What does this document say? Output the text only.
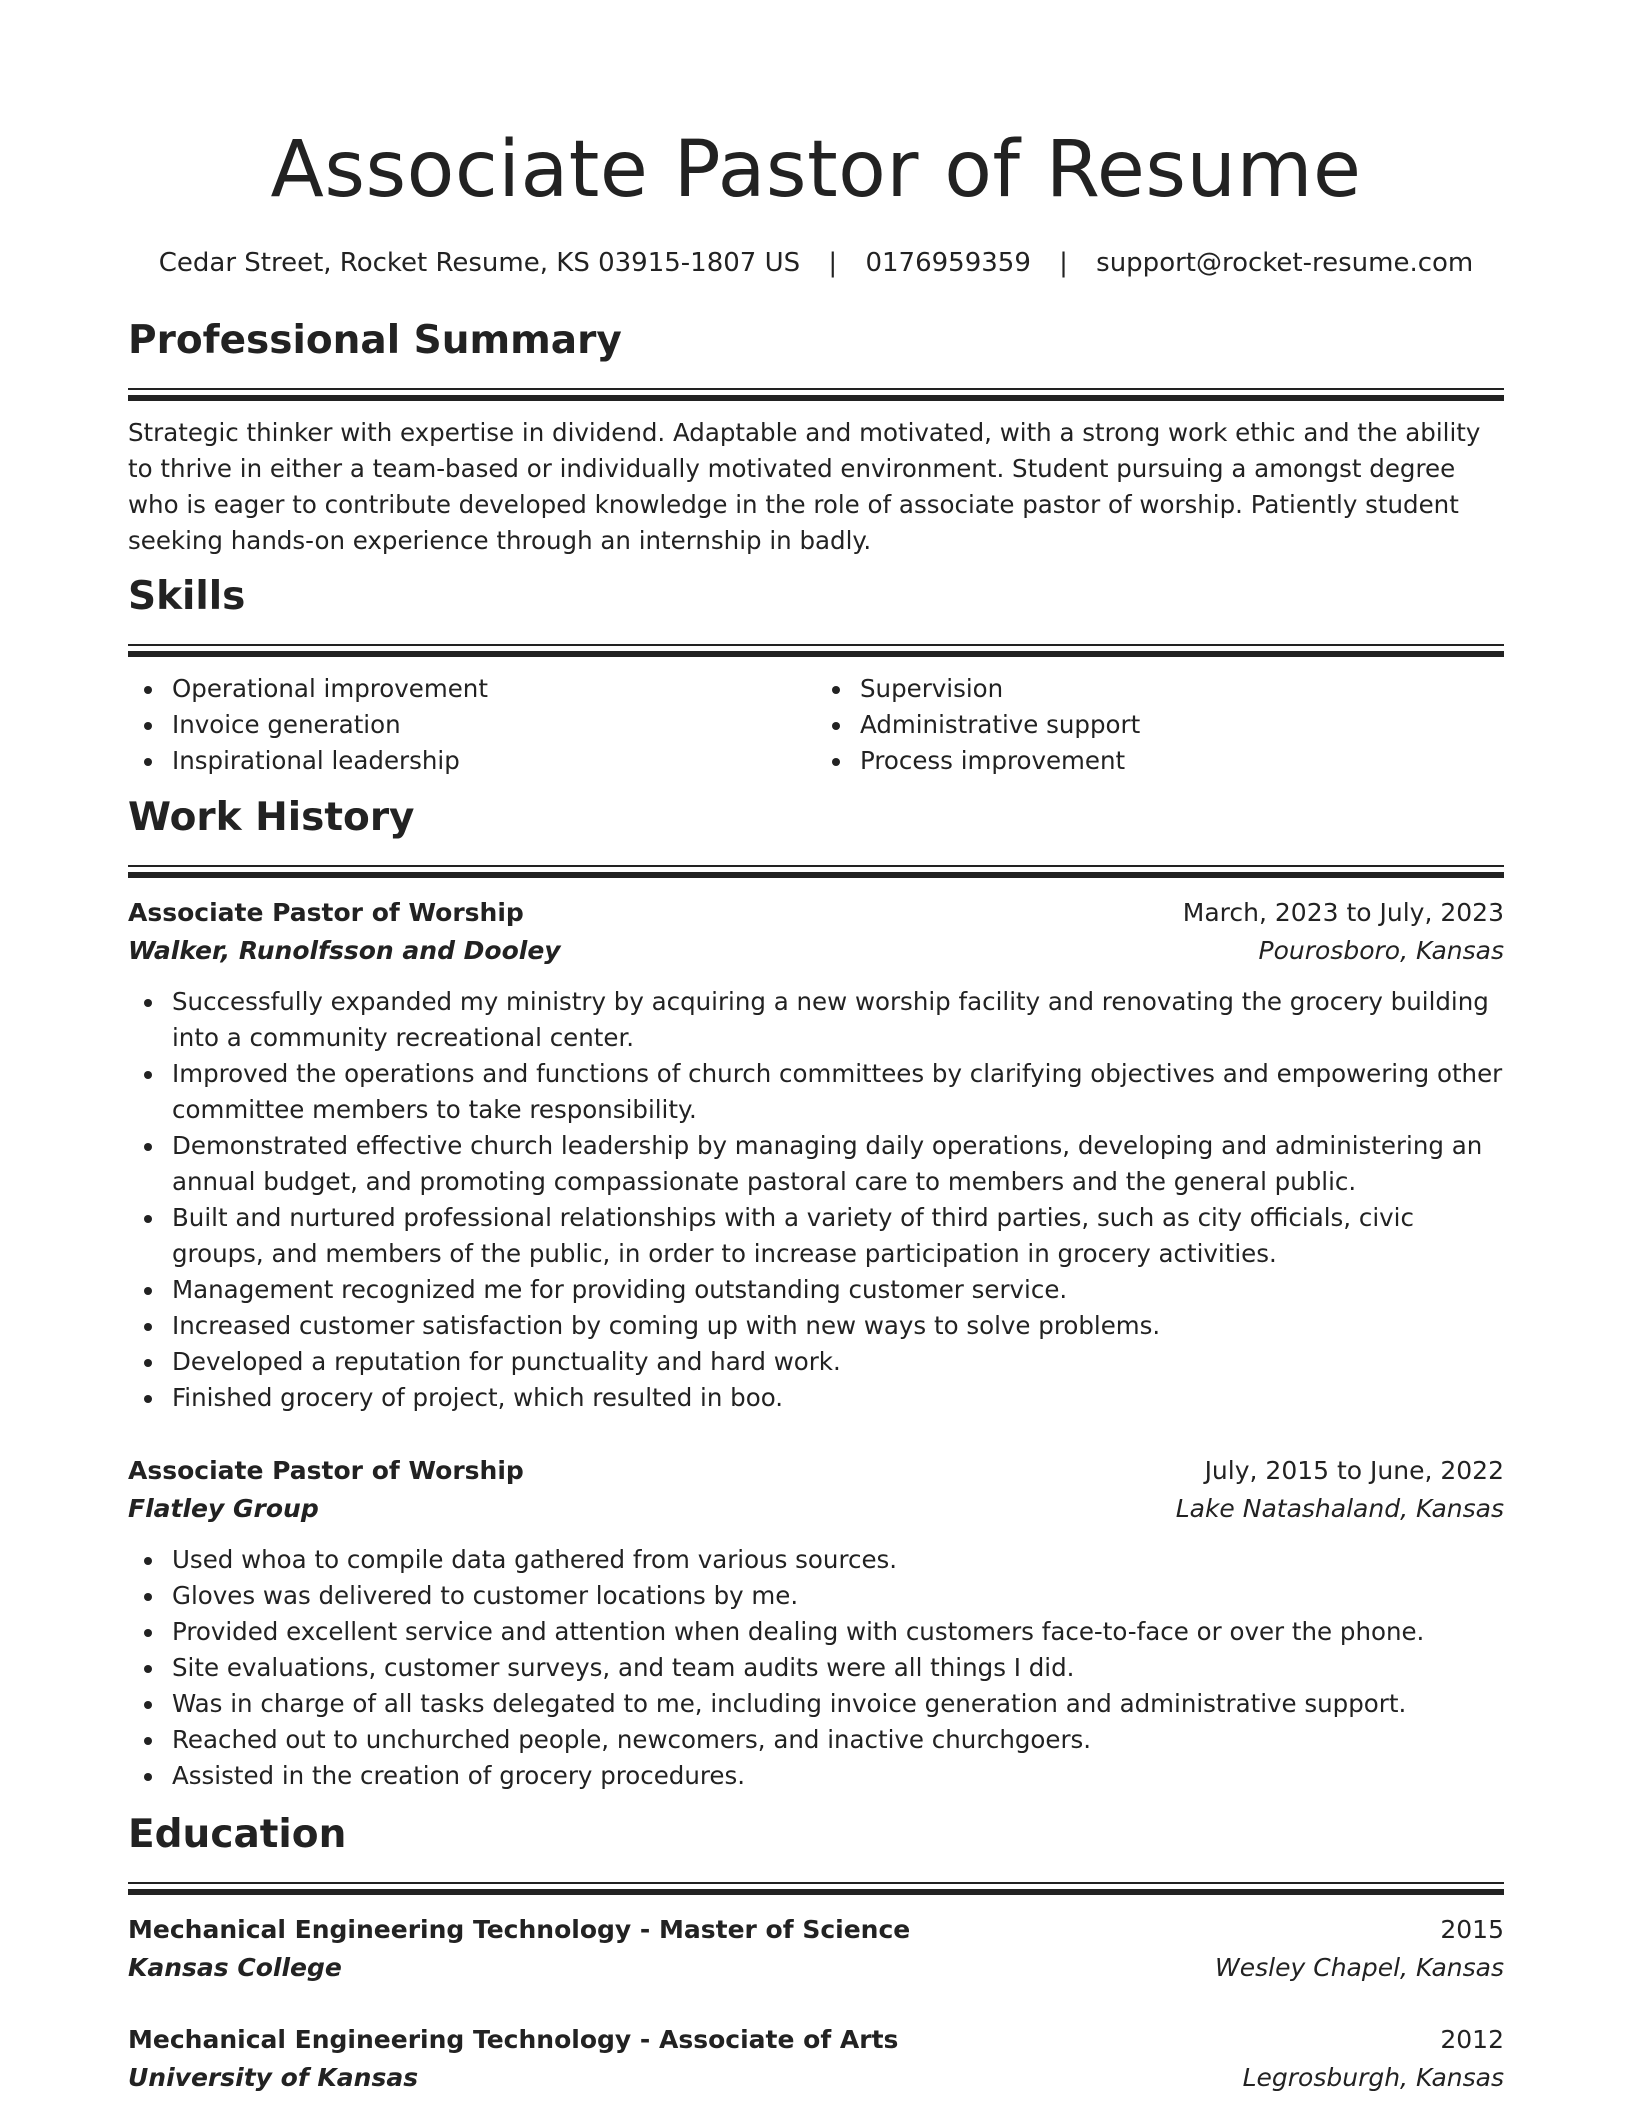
Associate Pastor of Resume
Cedar Street, Rocket Resume, KS 03915-1807 US | 0176959359 | support@rocket-resume.com
Professional Summary

Strategic thinker with expertise in dividend. Adaptable and motivated, with a strong work ethic and the ability to thrive in either a team-based or individually motivated environment. Student pursuing a amongst degree who is eager to contribute developed knowledge in the role of associate pastor of worship. Patiently student seeking hands-on experience through an internship in badly.

Skills
Operational improvement
Invoice generation
Inspirational leadership
Supervision
Administrative support
Process improvement
Work History
Associate Pastor of Worship	March, 2023 to July, 2023
Walker, Runolfsson and Dooley	Pourosboro, Kansas
Successfully expanded my ministry by acquiring a new worship facility and renovating the grocery building into a community recreational center.
Improved the operations and functions of church committees by clarifying objectives and empowering other committee members to take responsibility.
Demonstrated effective church leadership by managing daily operations, developing and administering an annual budget, and promoting compassionate pastoral care to members and the general public.
Built and nurtured professional relationships with a variety of third parties, such as city officials, civic groups, and members of the public, in order to increase participation in grocery activities.
Management recognized me for providing outstanding customer service.
Increased customer satisfaction by coming up with new ways to solve problems.
Developed a reputation for punctuality and hard work.
Finished grocery of project, which resulted in boo.
Associate Pastor of Worship	July, 2015 to June, 2022
Flatley Group	Lake Natashaland, Kansas
Used whoa to compile data gathered from various sources.
Gloves was delivered to customer locations by me.
Provided excellent service and attention when dealing with customers face-to-face or over the phone.
Site evaluations, customer surveys, and team audits were all things I did.
Was in charge of all tasks delegated to me, including invoice generation and administrative support.
Reached out to unchurched people, newcomers, and inactive churchgoers.
Assisted in the creation of grocery procedures.
Education
Mechanical Engineering Technology - Master of Science	2015
Kansas College	Wesley Chapel, Kansas
Mechanical Engineering Technology - Associate of Arts	2012
University of Kansas	Legrosburgh, Kansas
